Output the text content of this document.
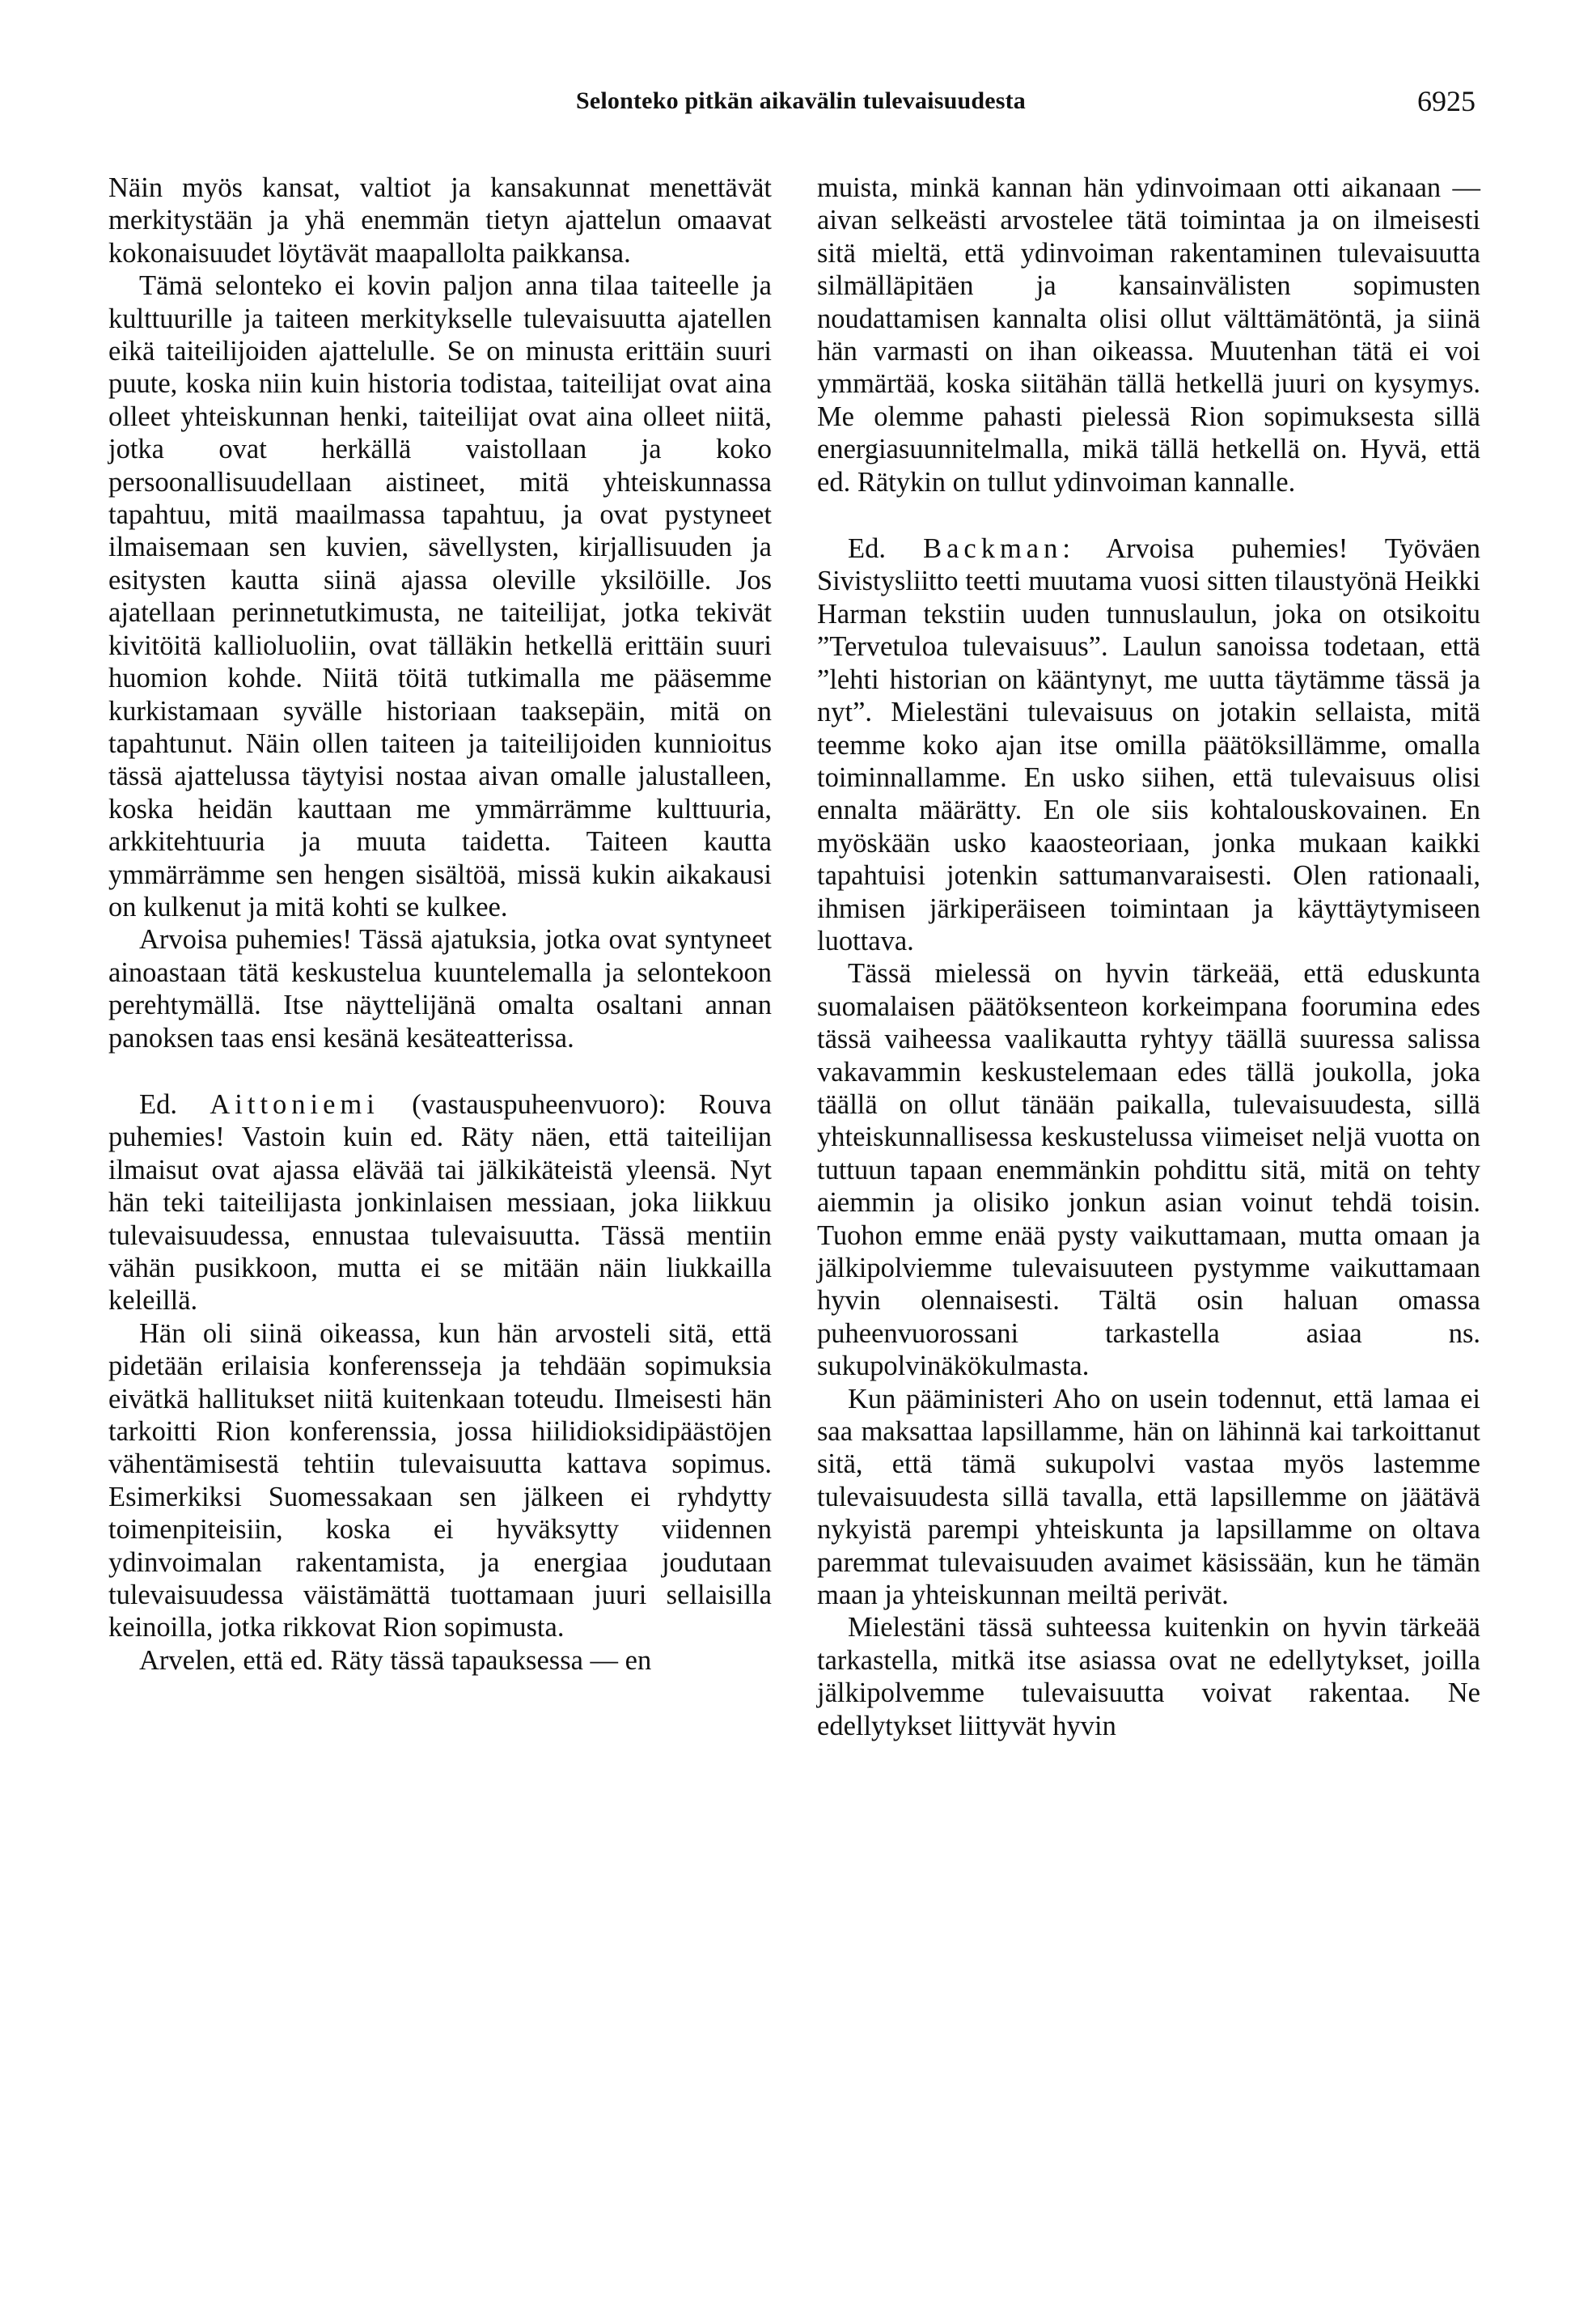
Selonteko pitkän aikavälin tulevaisuudesta	6925

Näin myös kansat, valtiot ja kansakunnat menettävät merkitystään ja yhä enemmän tietyn ajattelun omaavat kokonaisuudet löytävät maapallolta paikkansa.

Tämä selonteko ei kovin paljon anna tilaa taiteelle ja kulttuurille ja taiteen merkitykselle tulevaisuutta ajatellen eikä taiteilijoiden ajattelulle. Se on minusta erittäin suuri puute, koska niin kuin historia todistaa, taiteilijat ovat aina olleet yhteiskunnan henki, taiteilijat ovat aina olleet niitä, jotka ovat herkällä vaistollaan ja koko persoonallisuudellaan aistineet, mitä yhteiskunnassa tapahtuu, mitä maailmassa tapahtuu, ja ovat pystyneet ilmaisemaan sen kuvien, sävellysten, kirjallisuuden ja esitysten kautta siinä ajassa oleville yksilöille. Jos ajatellaan perinnetutkimusta, ne taiteilijat, jotka tekivät kivitöitä kallioluoliin, ovat tälläkin hetkellä erittäin suuri huomion kohde. Niitä töitä tutkimalla me pääsemme kurkistamaan syvälle historiaan taaksepäin, mitä on tapahtunut. Näin ollen taiteen ja taiteilijoiden kunnioitus tässä ajattelussa täytyisi nostaa aivan omalle jalustalleen, koska heidän kauttaan me ymmärrämme kulttuuria, arkkitehtuuria ja muuta taidetta. Taiteen kautta ymmärrämme sen hengen sisältöä, missä kukin aikakausi on kulkenut ja mitä kohti se kulkee.

Arvoisa puhemies! Tässä ajatuksia, jotka ovat syntyneet ainoastaan tätä keskustelua kuuntelemalla ja selontekoon perehtymällä. Itse näyttelijänä omalta osaltani annan panoksen taas ensi kesänä kesäteatterissa.

Ed. Aittoniemi (vastauspuheenvuoro): Rouva puhemies! Vastoin kuin ed. Räty näen, että taiteilijan ilmaisut ovat ajassa elävää tai jälkikäteistä yleensä. Nyt hän teki taiteilijasta jonkinlaisen messiaan, joka liikkuu tulevaisuudessa, ennustaa tulevaisuutta. Tässä mentiin vähän pusikkoon, mutta ei se mitään näin liukkailla keleillä.

Hän oli siinä oikeassa, kun hän arvosteli sitä, että pidetään erilaisia konferensseja ja tehdään sopimuksia eivätkä hallitukset niitä kuitenkaan toteudu. Ilmeisesti hän tarkoitti Rion konferenssia, jossa hiilidioksidipäästöjen vähentämisestä tehtiin tulevaisuutta kattava sopimus. Esimerkiksi Suomessakaan sen jälkeen ei ryhdytty toimenpiteisiin, koska ei hyväksytty viidennen ydinvoimalan rakentamista, ja energiaa joudutaan tulevaisuudessa väistämättä tuottamaan juuri sellaisilla keinoilla, jotka rikkovat Rion sopimusta.

Arvelen, että ed. Räty tässä tapauksessa — en

muista, minkä kannan hän ydinvoimaan otti aikanaan — aivan selkeästi arvostelee tätä toimintaa ja on ilmeisesti sitä mieltä, että ydinvoiman rakentaminen tulevaisuutta silmälläpitäen ja kansainvälisten sopimusten noudattamisen kannalta olisi ollut välttämätöntä, ja siinä hän varmasti on ihan oikeassa. Muutenhan tätä ei voi ymmärtää, koska siitähän tällä hetkellä juuri on kysymys. Me olemme pahasti pielessä Rion sopimuksesta sillä energiasuunnitelmalla, mikä tällä hetkellä on. Hyvä, että ed. Rätykin on tullut ydinvoiman kannalle.

Ed. Backman: Arvoisa puhemies! Työväen Sivistysliitto teetti muutama vuosi sitten tilaustyönä Heikki Harman tekstiin uuden tunnuslaulun, joka on otsikoitu ”Tervetuloa tulevaisuus”. Laulun sanoissa todetaan, että ”lehti historian on kääntynyt, me uutta täytämme tässä ja nyt”. Mielestäni tulevaisuus on jotakin sellaista, mitä teemme koko ajan itse omilla päätöksillämme, omalla toiminnallamme. En usko siihen, että tulevaisuus olisi ennalta määrätty. En ole siis kohtalouskovainen. En myöskään usko kaaosteoriaan, jonka mukaan kaikki tapahtuisi jotenkin sattumanvaraisesti. Olen rationaali, ihmisen järkiperäiseen toimintaan ja käyttäytymiseen luottava.

Tässä mielessä on hyvin tärkeää, että eduskunta suomalaisen päätöksenteon korkeimpana foorumina edes tässä vaiheessa vaalikautta ryhtyy täällä suuressa salissa vakavammin keskustelemaan edes tällä joukolla, joka täällä on ollut tänään paikalla, tulevaisuudesta, sillä yhteiskunnallisessa keskustelussa viimeiset neljä vuotta on tuttuun tapaan enemmänkin pohdittu sitä, mitä on tehty aiemmin ja olisiko jonkun asian voinut tehdä toisin. Tuohon emme enää pysty vaikuttamaan, mutta omaan ja jälkipolviemme tulevaisuuteen pystymme vaikuttamaan hyvin olennaisesti. Tältä osin haluan omassa puheenvuorossani tarkastella asiaa ns. sukupolvinäkökulmasta.

Kun pääministeri Aho on usein todennut, että lamaa ei saa maksattaa lapsillamme, hän on lähinnä kai tarkoittanut sitä, että tämä sukupolvi vastaa myös lastemme tulevaisuudesta sillä tavalla, että lapsillemme on jäätävä nykyistä parempi yhteiskunta ja lapsillamme on oltava paremmat tulevaisuuden avaimet käsissään, kun he tämän maan ja yhteiskunnan meiltä perivät.

Mielestäni tässä suhteessa kuitenkin on hyvin tärkeää tarkastella, mitkä itse asiassa ovat ne edellytykset, joilla jälkipolvemme tulevaisuutta voivat rakentaa. Ne edellytykset liittyvät hyvin
